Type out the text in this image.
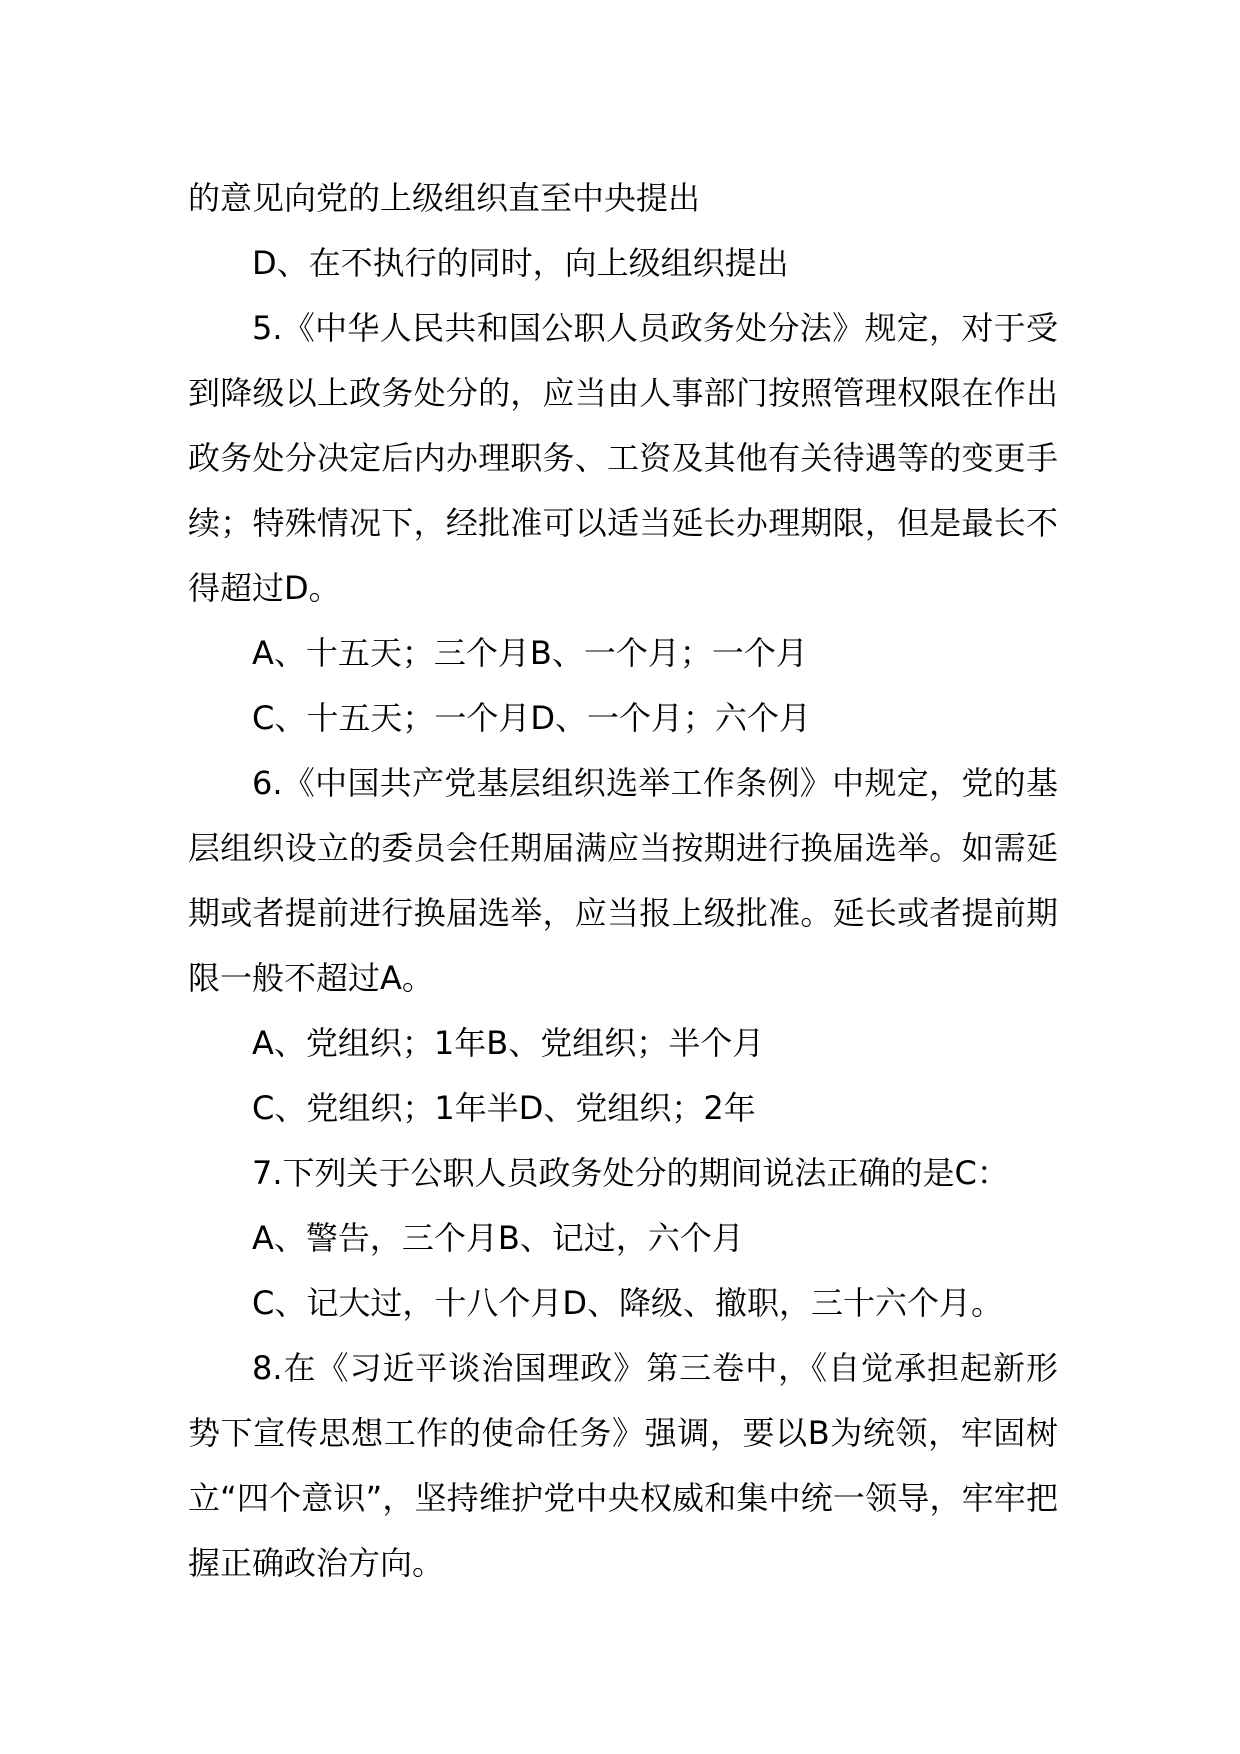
的意见向党的上级组织直至中央提出

D、在不执行的同时，向上级组织提出

5.《中华人民共和国公职人员政务处分法》规定，对于受到降级以上政务处分的，应当由人事部门按照管理权限在作出政务处分决定后内办理职务、工资及其他有关待遇等的变更手续；特殊情况下，经批准可以适当延长办理期限，但是最长不得超过D。

A、十五天；三个月B、一个月；一个月

C、十五天；一个月D、一个月；六个月

6.《中国共产党基层组织选举工作条例》中规定，党的基层组织设立的委员会任期届满应当按期进行换届选举。如需延期或者提前进行换届选举，应当报上级批准。延长或者提前期限一般不超过A。

A、党组织；1年B、党组织；半个月

C、党组织；1年半D、党组织；2年

7.下列关于公职人员政务处分的期间说法正确的是C：

A、警告，三个月B、记过，六个月

C、记大过，十八个月D、降级、撤职，三十六个月。

8.在《习近平谈治国理政》第三卷中，《自觉承担起新形势下宣传思想工作的使命任务》强调，要以B为统领，牢固树立“四个意识”，坚持维护党中央权威和集中统一领导，牢牢把握正确政治方向。
